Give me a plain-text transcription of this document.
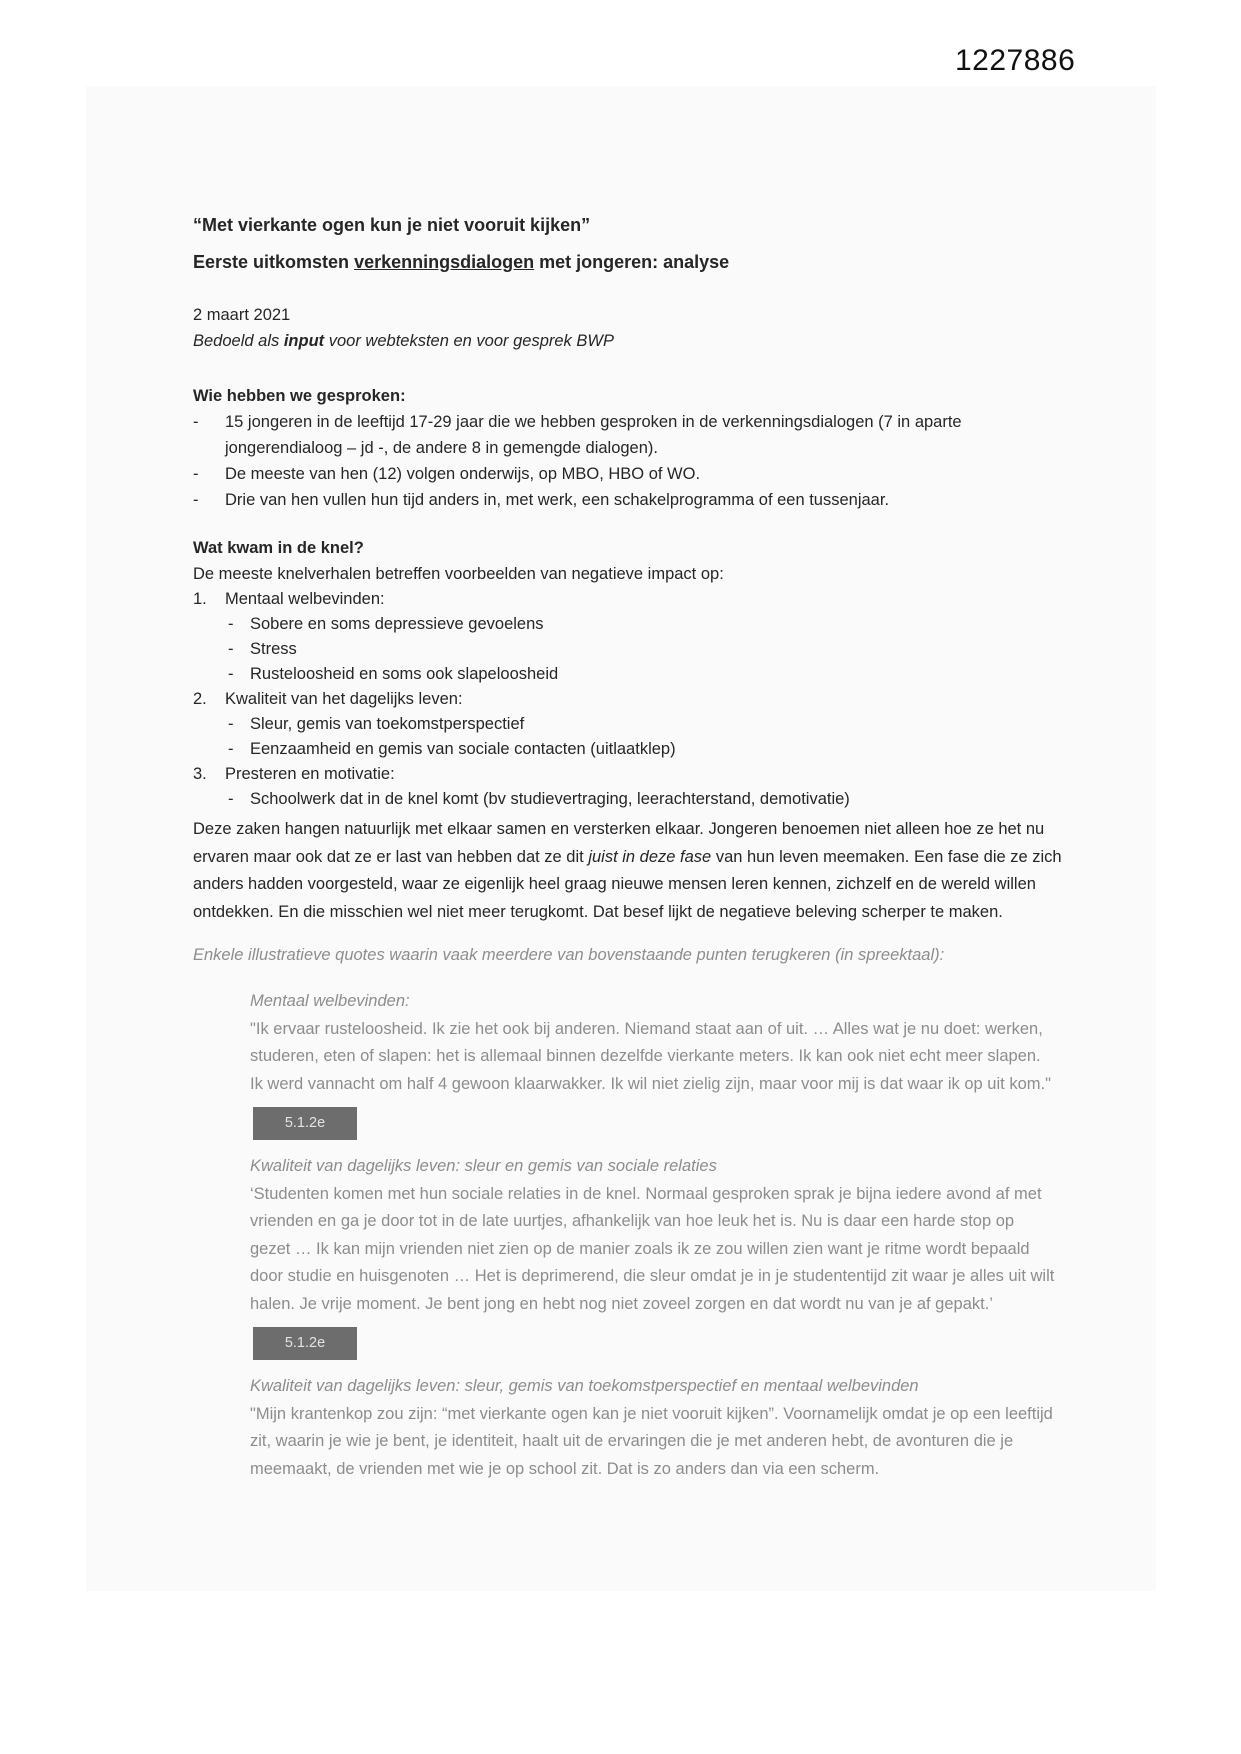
1227886
“Met vierkante ogen kun je niet vooruit kijken”
Eerste uitkomsten verkenningsdialogen met jongeren: analyse
2 maart 2021
Bedoeld als input voor webteksten en voor gesprek BWP
Wie hebben we gesproken:
-	15 jongeren in de leeftijd 17-29 jaar die we hebben gesproken in de verkenningsdialogen (7 in aparte jongerendialoog – jd -, de andere 8 in gemengde dialogen).
-	De meeste van hen (12) volgen onderwijs, op MBO, HBO of WO.
-	Drie van hen vullen hun tijd anders in, met werk, een schakelprogramma of een tussenjaar.
Wat kwam in de knel?
De meeste knelverhalen betreffen voorbeelden van negatieve impact op:
1.	Mentaal welbevinden:
-	Sobere en soms depressieve gevoelens
-	Stress
-	Rusteloosheid en soms ook slapeloosheid
2.	Kwaliteit van het dagelijks leven:
-	Sleur, gemis van toekomstperspectief
-	Eenzaamheid en gemis van sociale contacten (uitlaatklep)
3.	Presteren en motivatie:
-	Schoolwerk dat in de knel komt (bv studievertraging, leerachterstand, demotivatie)
Deze zaken hangen natuurlijk met elkaar samen en versterken elkaar. Jongeren benoemen niet alleen hoe ze het nu ervaren maar ook dat ze er last van hebben dat ze dit juist in deze fase van hun leven meemaken. Een fase die ze zich anders hadden voorgesteld, waar ze eigenlijk heel graag nieuwe mensen leren kennen, zichzelf en de wereld willen ontdekken. En die misschien wel niet meer terugkomt. Dat besef lijkt de negatieve beleving scherper te maken.
Enkele illustratieve quotes waarin vaak meerdere van bovenstaande punten terugkeren (in spreektaal):
Mentaal welbevinden:
"Ik ervaar rusteloosheid. Ik zie het ook bij anderen. Niemand staat aan of uit. … Alles wat je nu doet: werken, studeren, eten of slapen: het is allemaal binnen dezelfde vierkante meters. Ik kan ook niet echt meer slapen. Ik werd vannacht om half 4 gewoon klaarwakker. Ik wil niet zielig zijn, maar voor mij is dat waar ik op uit kom."5.1.2e
Kwaliteit van dagelijks leven: sleur en gemis van sociale relaties
‘Studenten komen met hun sociale relaties in de knel. Normaal gesproken sprak je bijna iedere avond af met vrienden en ga je door tot in de late uurtjes, afhankelijk van hoe leuk het is. Nu is daar een harde stop op gezet … Ik kan mijn vrienden niet zien op de manier zoals ik ze zou willen zien want je ritme wordt bepaald door studie en huisgenoten … Het is deprimerend, die sleur omdat je in je studententijd zit waar je alles uit wilt halen. Je vrije moment. Je bent jong en hebt nog niet zoveel zorgen en dat wordt nu van je af gepakt.’5.1.2e
Kwaliteit van dagelijks leven: sleur, gemis van toekomstperspectief en mentaal welbevinden
"Mijn krantenkop zou zijn: “met vierkante ogen kan je niet vooruit kijken”. Voornamelijk omdat je op een leeftijd zit, waarin je wie je bent, je identiteit, haalt uit de ervaringen die je met anderen hebt, de avonturen die je meemaakt, de vrienden met wie je op school zit. Dat is zo anders dan via een scherm.
